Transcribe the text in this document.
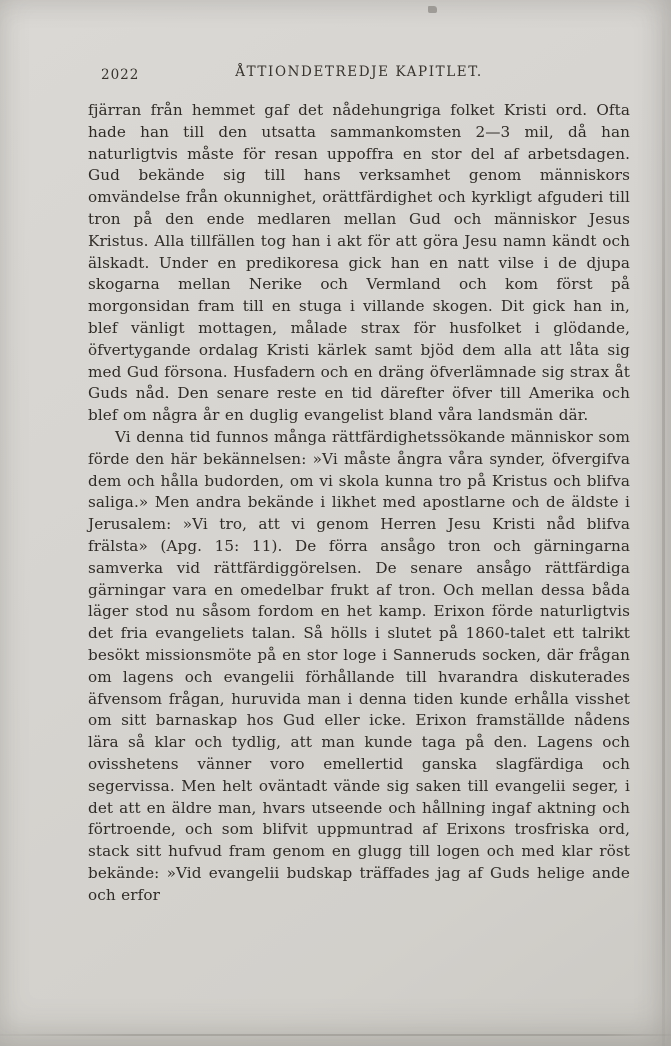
2022	ÅTTIONDETREDJE KAPITLET.

fjärran från hemmet gaf det nådehungriga folket Kristi ord. Ofta hade han till den utsatta sammankomsten 2—3 mil, då han naturligtvis måste för resan uppoffra en stor del af arbetsdagen. Gud bekände sig till hans verksamhet genom människors omvändelse från okunnighet, orättfärdighet och kyrkligt afguderi till tron på den ende medlaren mellan Gud och människor Jesus Kristus. Alla tillfällen tog han i akt för att göra Jesu namn kändt och älskadt. Under en predikoresa gick han en natt vilse i de djupa skogarna mellan Nerike och Vermland och kom först på morgonsidan fram till en stuga i villande skogen. Dit gick han in, blef vänligt mottagen, målade strax för husfolket i glödande, öfvertygande ordalag Kristi kärlek samt bjöd dem alla att låta sig med Gud försona. Husfadern och en dräng öfverlämnade sig strax åt Guds nåd. Den senare reste en tid därefter öfver till Amerika och blef om några år en duglig evangelist bland våra landsmän där.

Vi denna tid funnos många rättfärdighetssökande människor som förde den här bekännelsen: »Vi måste ångra våra synder, öfvergifva dem och hålla budorden, om vi skola kunna tro på Kristus och blifva saliga.» Men andra bekände i likhet med apostlarne och de äldste i Jerusalem: »Vi tro, att vi genom Herren Jesu Kristi nåd blifva frälsta» (Apg. 15: 11). De förra ansågo tron och gärningarna samverka vid rättfärdiggörelsen. De senare ansågo rättfärdiga gärningar vara en omedelbar frukt af tron. Och mellan dessa båda läger stod nu såsom fordom en het kamp. Erixon förde naturligtvis det fria evangeliets talan. Så hölls i slutet på 1860-talet ett talrikt besökt missionsmöte på en stor loge i Sanneruds socken, där frågan om lagens och evangelii förhållande till hvarandra diskuterades äfvensom frågan, huruvida man i denna tiden kunde erhålla visshet om sitt barnaskap hos Gud eller icke. Erixon framställde nådens lära så klar och tydlig, att man kunde taga på den. Lagens och ovisshetens vänner voro emellertid ganska slagfärdiga och segervissa. Men helt oväntadt vände sig saken till evangelii seger, i det att en äldre man, hvars utseende och hållning ingaf aktning och förtroende, och som blifvit uppmuntrad af Erixons trosfriska ord, stack sitt hufvud fram genom en glugg till logen och med klar röst bekände: »Vid evangelii budskap träffades jag af Guds helige ande och erfor
